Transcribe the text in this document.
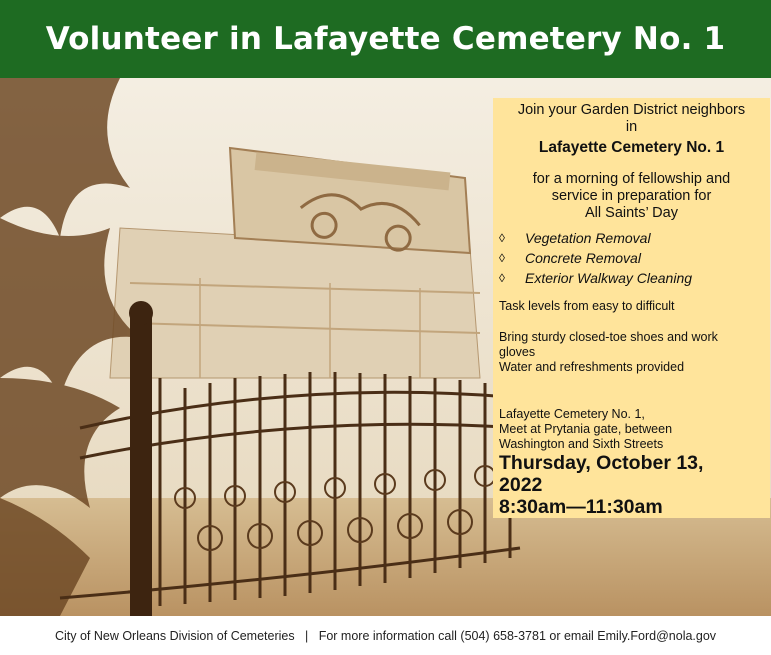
Volunteer in Lafayette Cemetery No. 1
Join your Garden District neighbors
in
Lafayette Cemetery No. 1
for a morning of fellowship and
service in preparation for
All Saints’ Day
◊	Vegetation Removal
◊	Concrete Removal
◊	Exterior Walkway Cleaning
Task levels from easy to difficult
Bring sturdy closed-toe shoes and work
gloves
Water and refreshments provided
Lafayette Cemetery No. 1,
Meet at Prytania gate, between
Washington and Sixth Streets
Thursday, October 13,
2022
8:30am—11:30am
City of New Orleans Division of Cemeteries   |   For more information call (504) 658-3781 or email Emily.Ford@nola.gov
